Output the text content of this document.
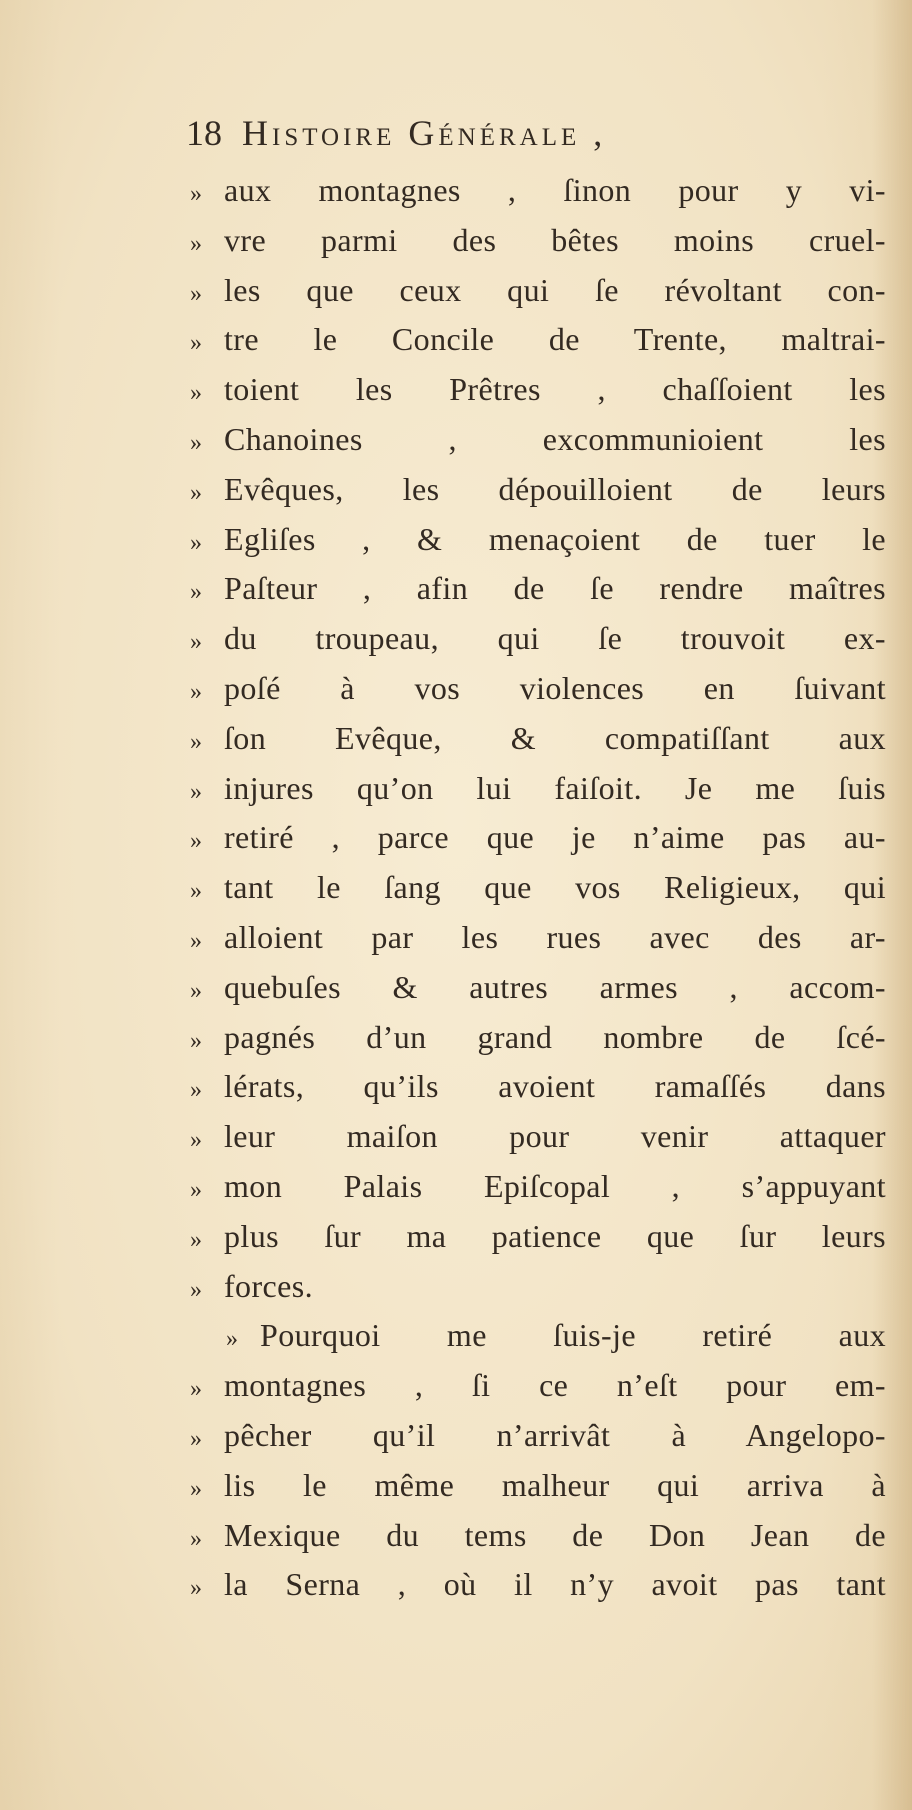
18 Histoire Générale ,
» aux montagnes , ſinon pour y vi-
» vre parmi des bêtes moins cruel-
» les que ceux qui ſe révoltant con-
» tre le Concile de Trente, maltrai-
» toient les Prêtres , chaſſoient les
» Chanoines , excommunioient les
» Evêques, les dépouilloient de leurs
» Egliſes , & menaçoient de tuer le
» Paſteur , afin de ſe rendre maîtres
» du troupeau, qui ſe trouvoit ex-
» poſé à vos violences en ſuivant
» ſon Evêque, & compatiſſant aux
» injures qu’on lui faiſoit. Je me ſuis
» retiré , parce que je n’aime pas au-
» tant le ſang que vos Religieux, qui
» alloient par les rues avec des ar-
» quebuſes & autres armes , accom-
» pagnés d’un grand nombre de ſcé-
» lérats, qu’ils avoient ramaſſés dans
» leur maiſon pour venir attaquer
» mon Palais Epiſcopal , s’appuyant
» plus ſur ma patience que ſur leurs
» forces.
» Pourquoi me ſuis-je retiré aux
» montagnes , ſi ce n’eſt pour em-
» pêcher qu’il n’arrivât à Angelopo-
» lis le même malheur qui arriva à
» Mexique du tems de Don Jean de
» la Serna , où il n’y avoit pas tant
